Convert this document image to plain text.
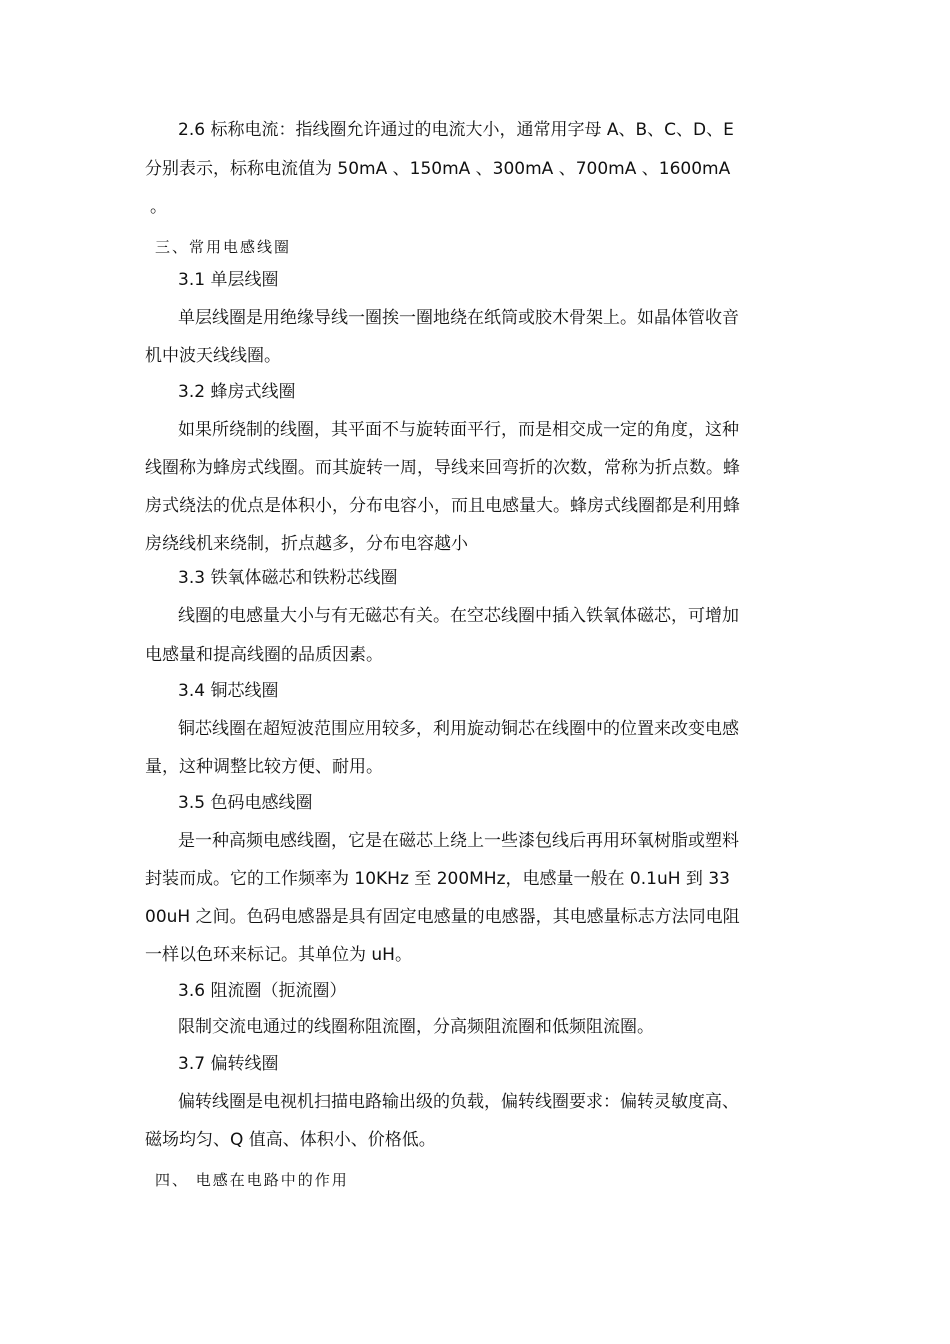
2.6 标称电流：指线圈允许通过的电流大小，通常用字母 A、B、C、D、E
分别表示，标称电流值为 50mA 、150mA 、300mA 、700mA 、1600mA
。
三、常用电感线圈
3.1 单层线圈
单层线圈是用绝缘导线一圈挨一圈地绕在纸筒或胶木骨架上。如晶体管收音
机中波天线线圈。
3.2 蜂房式线圈
如果所绕制的线圈，其平面不与旋转面平行，而是相交成一定的角度，这种
线圈称为蜂房式线圈。而其旋转一周，导线来回弯折的次数，常称为折点数。蜂
房式绕法的优点是体积小，分布电容小，而且电感量大。蜂房式线圈都是利用蜂
房绕线机来绕制，折点越多，分布电容越小
3.3 铁氧体磁芯和铁粉芯线圈
线圈的电感量大小与有无磁芯有关。在空芯线圈中插入铁氧体磁芯，可增加
电感量和提高线圈的品质因素。
3.4 铜芯线圈
铜芯线圈在超短波范围应用较多，利用旋动铜芯在线圈中的位置来改变电感
量，这种调整比较方便、耐用。
3.5 色码电感线圈
是一种高频电感线圈，它是在磁芯上绕上一些漆包线后再用环氧树脂或塑料
封装而成。它的工作频率为 10KHz 至 200MHz，电感量一般在 0.1uH 到 33
00uH 之间。色码电感器是具有固定电感量的电感器，其电感量标志方法同电阻
一样以色环来标记。其单位为 uH。
3.6 阻流圈（扼流圈）
限制交流电通过的线圈称阻流圈，分高频阻流圈和低频阻流圈。
3.7 偏转线圈
偏转线圈是电视机扫描电路输出级的负载，偏转线圈要求：偏转灵敏度高、
磁场均匀、Q 值高、体积小、价格低。
四、 电感在电路中的作用
